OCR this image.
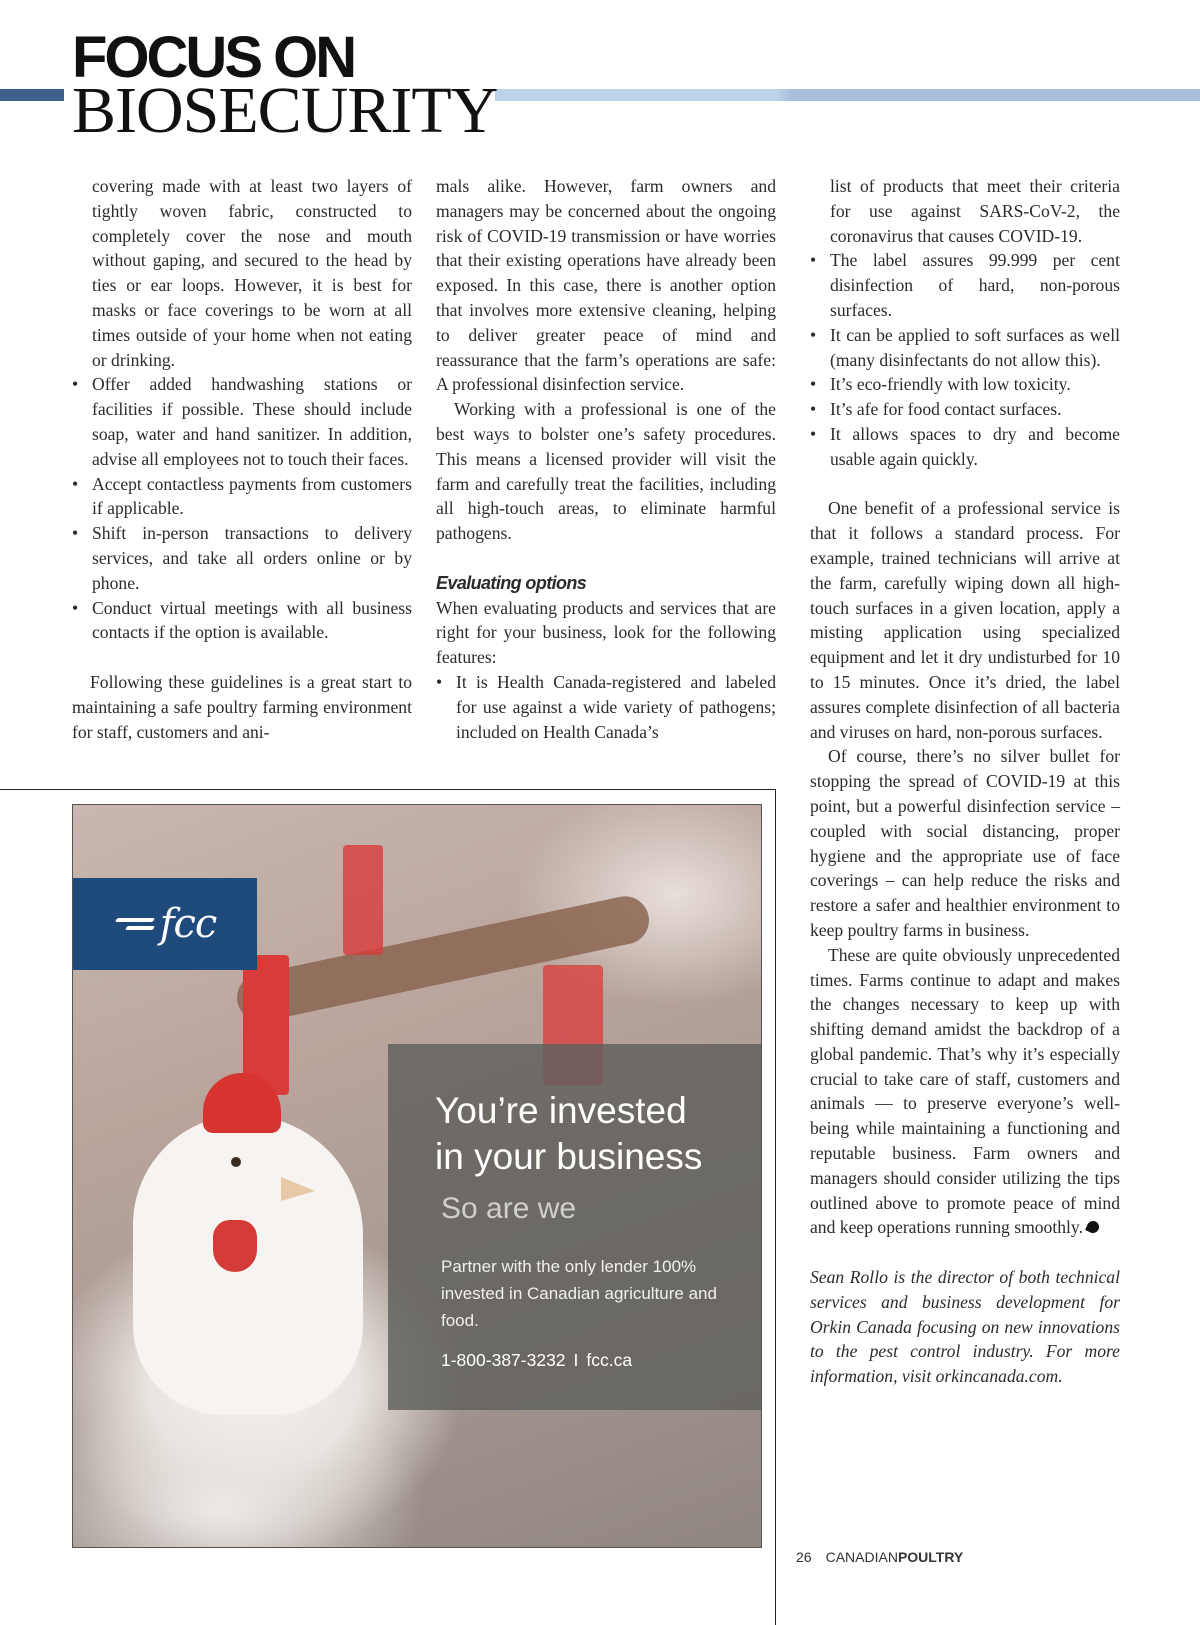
FOCUS ON
BIOSECURITY

covering made with at least two layers of tightly woven fabric, constructed to completely cover the nose and mouth without gaping, and secured to the head by ties or ear loops. However, it is best for masks or face coverings to be worn at all times outside of your home when not eating or drinking.

• Offer added handwashing stations or facilities if possible. These should include soap, water and hand sanitizer. In addition, advise all employees not to touch their faces.

• Accept contactless payments from customers if applicable.

• Shift in-person transactions to delivery services, and take all orders online or by phone.

• Conduct virtual meetings with all business contacts if the option is available.

Following these guidelines is a great start to maintaining a safe poultry farming environment for staff, customers and ani-

mals alike. However, farm owners and managers may be concerned about the ongoing risk of COVID-19 transmission or have worries that their existing operations have already been exposed. In this case, there is another option that involves more extensive cleaning, helping to deliver greater peace of mind and reassurance that the farm’s operations are safe: A professional disinfection service.

Working with a professional is one of the best ways to bolster one’s safety procedures. This means a licensed provider will visit the farm and carefully treat the facilities, including all high-touch areas, to eliminate harmful pathogens.

Evaluating options

When evaluating products and services that are right for your business, look for the following features:

• It is Health Canada-registered and labeled for use against a wide variety of pathogens; included on Health Canada’s

list of products that meet their criteria for use against SARS-CoV-2, the coronavirus that causes COVID-19.

• The label assures 99.999 per cent disinfection of hard, non-porous surfaces.

• It can be applied to soft surfaces as well (many disinfectants do not allow this).

• It’s eco-friendly with low toxicity.

• It’s afe for food contact surfaces.

• It allows spaces to dry and become usable again quickly.

One benefit of a professional service is that it follows a standard process. For example, trained technicians will arrive at the farm, carefully wiping down all high-touch surfaces in a given location, apply a misting application using specialized equipment and let it dry undisturbed for 10 to 15 minutes. Once it’s dried, the label assures complete disinfection of all bacteria and viruses on hard, non-porous surfaces.

Of course, there’s no silver bullet for stopping the spread of COVID-19 at this point, but a powerful disinfection service – coupled with social distancing, proper hygiene and the appropriate use of face coverings – can help reduce the risks and restore a safer and healthier environment to keep poultry farms in business.

These are quite obviously unprecedented times. Farms continue to adapt and makes the changes necessary to keep up with shifting demand amidst the backdrop of a global pandemic. That’s why it’s especially crucial to take care of staff, customers and animals — to preserve everyone’s well-being while maintaining a functioning and reputable business. Farm owners and managers should consider utilizing the tips outlined above to promote peace of mind and keep operations running smoothly.

Sean Rollo is the director of both technical services and business development for Orkin Canada focusing on new innovations to the pest control industry. For more information, visit orkincanada.com.

fcc
You’re invested
in your business
So are we
Partner with the only lender 100% invested in Canadian agriculture and food.
1-800-387-3232 I fcc.ca
26 CANADIAN POULTRY
